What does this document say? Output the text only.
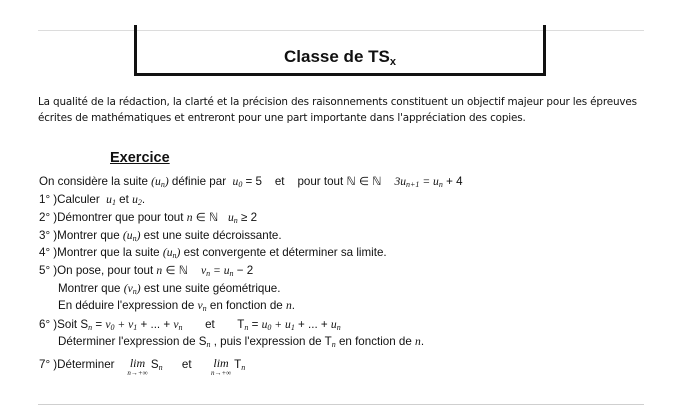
Classe de $TS_x$
La qualité de la rédaction, la clarté et la précision des raisonnements constituent un objectif majeur pour les épreuves écrites de mathématiques et entreront pour une part importante dans l'appréciation des copies.
Exercice
On considère la suite $(u_n)$ définie par  $u_0 = 5$    et    pour tout ℕ ∈ ℕ    $3u_{n+1} = u_n + 4$
1° )Calculer  $u_1$ et $u_2$.
2° )Démontrer que pour tout n ∈ ℕ   $u_n \ge 2$
3° )Montrer que $(u_n)$ est une suite décroissante.
4° )Montrer que la suite $(u_n)$ est convergente et déterminer sa limite.
5° )On pose, pour tout n ∈ ℕ    $v_n = u_n - 2$
Montrer que $(v_n)$ est une suite géométrique.
En déduire l'expression de $v_n$ en fonction de n.
6° )Soit $S_n = v_0 + v_1$ + ... + $v_n$       et       $T_n = u_0 + u_1$ + ... + $u_n$
Déterminer l'expression de $S_n$ , puis l'expression de $T_n$ en fonction de n.
7° )Déterminer lim
n→+∞
$S_n$      et lim
n→+∞
$T_n$
